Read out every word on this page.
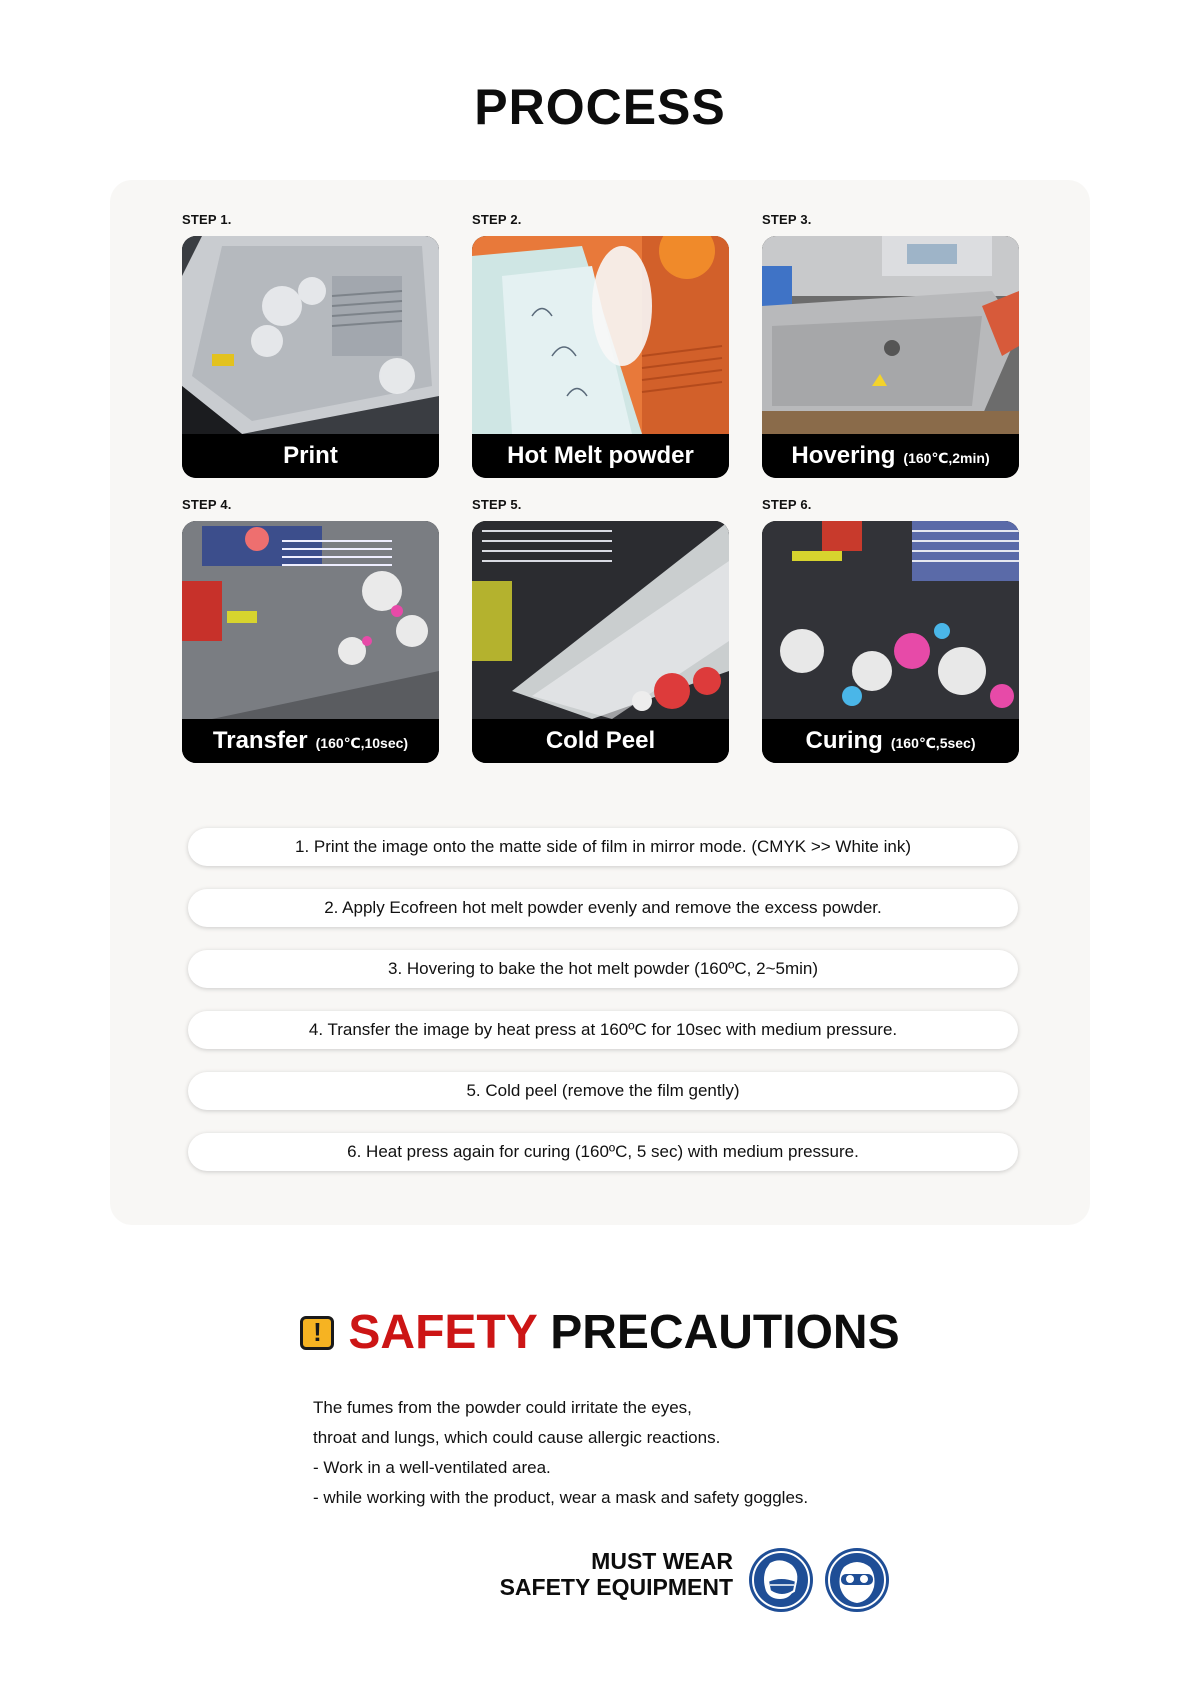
PROCESS
STEP 1.
Print
STEP 2.
Hot Melt powder
STEP 3.
Hovering (160℃,2min)
STEP 4.
Transfer (160℃,10sec)
STEP 5.
Cold Peel
STEP 6.
Curing (160℃,5sec)
1. Print the image onto the matte side of film in mirror mode. (CMYK >> White ink)
2. Apply Ecofreen hot melt powder evenly and remove the excess powder.
3. Hovering to bake the hot melt powder (160ºC, 2~5min)
4. Transfer the image by heat press at 160ºC for 10sec with medium pressure.
5. Cold peel (remove the film gently)
6. Heat press again for curing (160ºC, 5 sec) with medium pressure.
! SAFETY PRECAUTIONS
The fumes from the powder could irritate the eyes,
throat and lungs, which could cause allergic reactions.
- Work in a well-ventilated area.
- while working with the product, wear a mask and safety goggles.
MUST WEAR
SAFETY EQUIPMENT
